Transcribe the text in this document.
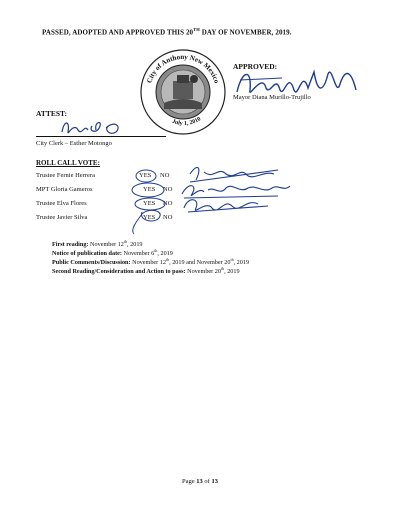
PASSED, ADOPTED AND APPROVED THIS 20TH DAY OF NOVEMBER, 2019.
City of Anthony New Mexico
July 1, 2010
APPROVED:
Mayor Diana Murillo-Trujillo
ATTEST:
City Clerk – Esther Motongo
ROLL CALL VOTE:
Trustee Fernie Herrera	YES NO
MPT Gloria Gameros	YES NO
Trustee Elva Flores	YES NO
Trustee Javier Silva	YES NO
First reading: November 12th, 2019
Notice of publication date: November 6th, 2019
Public Comments/Discussion: November 12th, 2019 and November 20th, 2019
Second Reading/Consideration and Action to pass: November 20th, 2019
Page 13 of 13
